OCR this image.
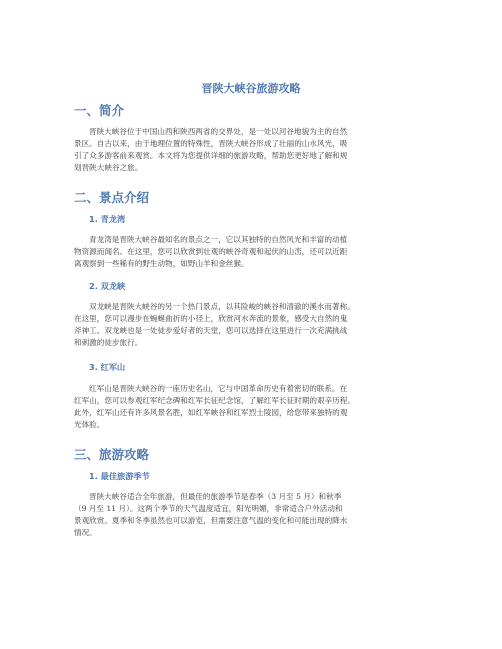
晋陕大峡谷旅游攻略
一、简介
晋陕大峡谷位于中国山西和陕西两省的交界处，是一处以河谷地貌为主的自然
景区。自古以来，由于地理位置的特殊性，晋陕大峡谷形成了壮丽的山水风光，吸
引了众多游客前来观赏。本文将为您提供详细的旅游攻略，帮助您更好地了解和规
划晋陕大峡谷之旅。
二、景点介绍
1. 青龙湾
青龙湾是晋陕大峡谷最知名的景点之一，它以其独特的自然风光和丰富的动植
物资源而闻名。在这里，您可以欣赏到壮观的峡谷奇观和起伏的山峦，还可以近距
离观察到一些稀有的野生动物，如野山羊和金丝猴。
2. 双龙峡
双龙峡是晋陕大峡谷的另一个热门景点，以其险峻的峡谷和清澈的溪水而著称。
在这里，您可以漫步在蜿蜒曲折的小径上，欣赏河水奔流的景象，感受大自然的鬼
斧神工。双龙峡也是一处徒步爱好者的天堂，您可以选择在这里进行一次充满挑战
和刺激的徒步旅行。
3. 红军山
红军山是晋陕大峡谷的一座历史名山，它与中国革命历史有着密切的联系。在
红军山，您可以参观红军纪念碑和红军长征纪念馆，了解红军长征时期的艰辛历程。
此外，红军山还有许多风景名胜，如红军峡谷和红军烈士陵园，给您带来独特的观
光体验。
三、旅游攻略
1. 最佳旅游季节
晋陕大峡谷适合全年旅游，但最佳的旅游季节是春季（3 月至 5 月）和秋季
（9 月至 11 月）。这两个季节的天气温度适宜，阳光明媚，非常适合户外活动和
景观欣赏。夏季和冬季虽然也可以游览，但需要注意气温的变化和可能出现的降水
情况。
